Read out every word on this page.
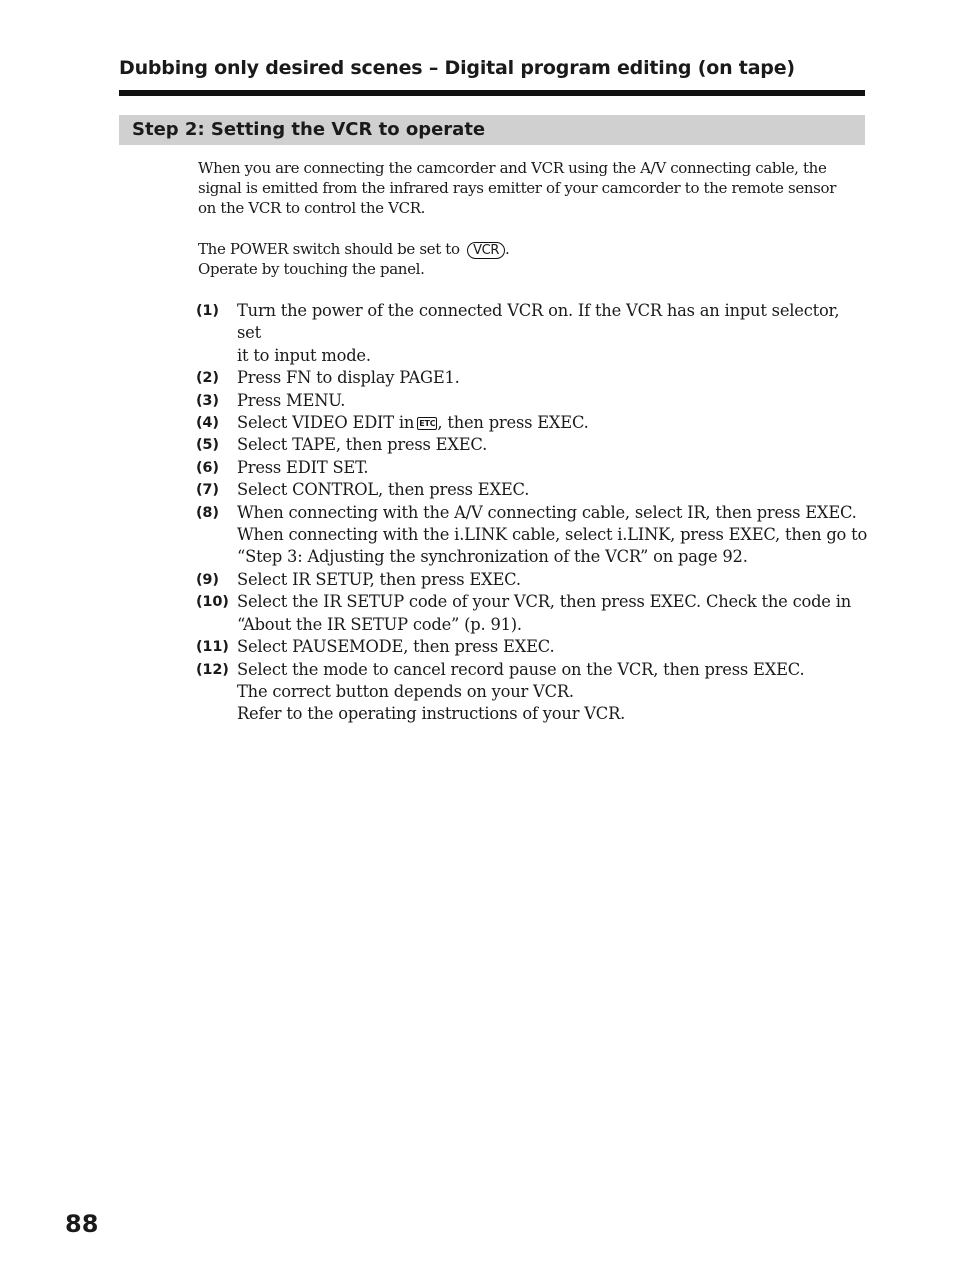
Dubbing only desired scenes – Digital program editing (on tape)
Step 2: Setting the VCR to operate
When you are connecting the camcorder and VCR using the A/V connecting cable, the
signal is emitted from the infrared rays emitter of your camcorder to the remote sensor
on the VCR to control the VCR.
The POWER switch should be set to VCR .
Operate by touching the panel.
(1) Turn the power of the connected VCR on. If the VCR has an input selector, set
it to input mode.
(2) Press FN to display PAGE1.
(3) Press MENU.
(4) Select VIDEO EDIT in ETC , then press EXEC.
(5) Select TAPE, then press EXEC.
(6) Press EDIT SET.
(7) Select CONTROL, then press EXEC.
(8) When connecting with the A/V connecting cable, select IR, then press EXEC.
When connecting with the i.LINK cable, select i.LINK, press EXEC, then go to
“Step 3: Adjusting the synchronization of the VCR” on page 92.
(9) Select IR SETUP, then press EXEC.
(10) Select the IR SETUP code of your VCR, then press EXEC. Check the code in
“About the IR SETUP code” (p. 91).
(11) Select PAUSEMODE, then press EXEC.
(12) Select the mode to cancel record pause on the VCR, then press EXEC.
The correct button depends on your VCR.
Refer to the operating instructions of your VCR.
88
